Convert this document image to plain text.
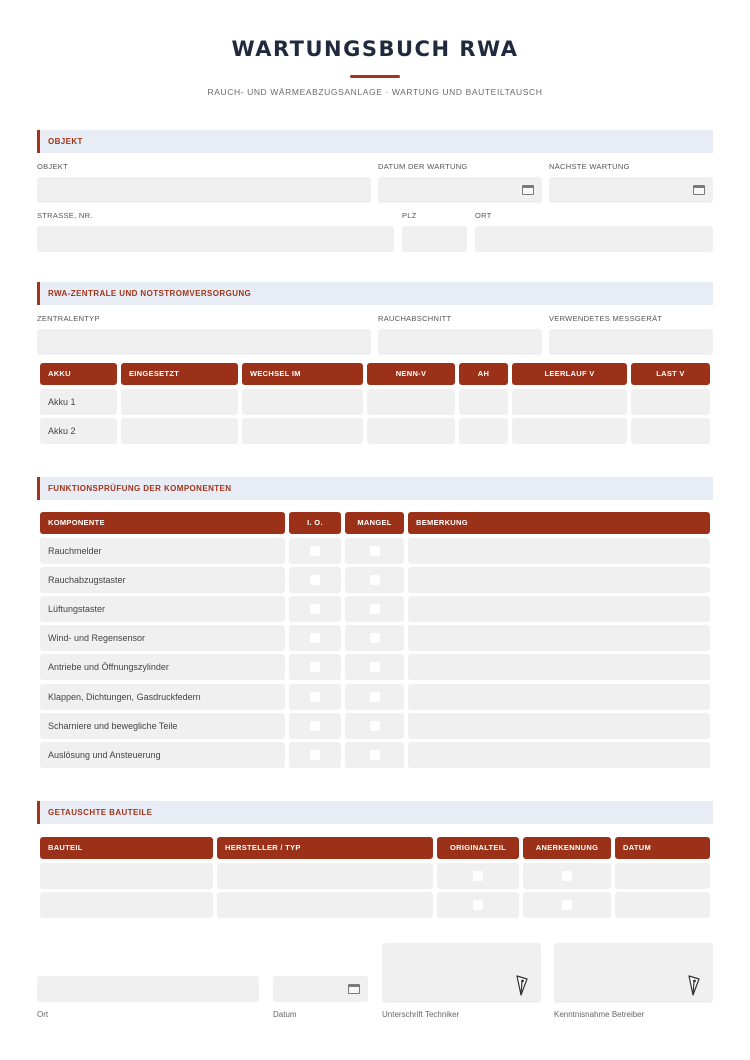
WARTUNGSBUCH RWA
RAUCH- UND WÄRMEABZUGSANLAGE · WARTUNG UND BAUTEILTAUSCH
OBJEKT
OBJEKT	DATUM DER WARTUNG	NÄCHSTE WARTUNG
STRASSE, NR.	PLZ	ORT
RWA-ZENTRALE UND NOTSTROMVERSORGUNG
ZENTRALENTYP	RAUCHABSCHNITT	VERWENDETES MESSGERÄT
AKKU	EINGESETZT	WECHSEL IM	NENN-V	AH	LEERLAUF V	LAST V
Akku 1
Akku 2
FUNKTIONSPRÜFUNG DER KOMPONENTEN
KOMPONENTE	I. O.	MANGEL	BEMERKUNG
Rauchmelder
Rauchabzugstaster
Lüftungstaster
Wind- und Regensensor
Antriebe und Öffnungszylinder
Klappen, Dichtungen, Gasdruckfedern
Scharniere und bewegliche Teile
Auslösung und Ansteuerung
GETAUSCHTE BAUTEILE
BAUTEIL	HERSTELLER / TYP	ORIGINALTEIL	ANERKENNUNG	DATUM
Ort	Datum	Unterschrift Techniker	Kenntnisnahme Betreiber
